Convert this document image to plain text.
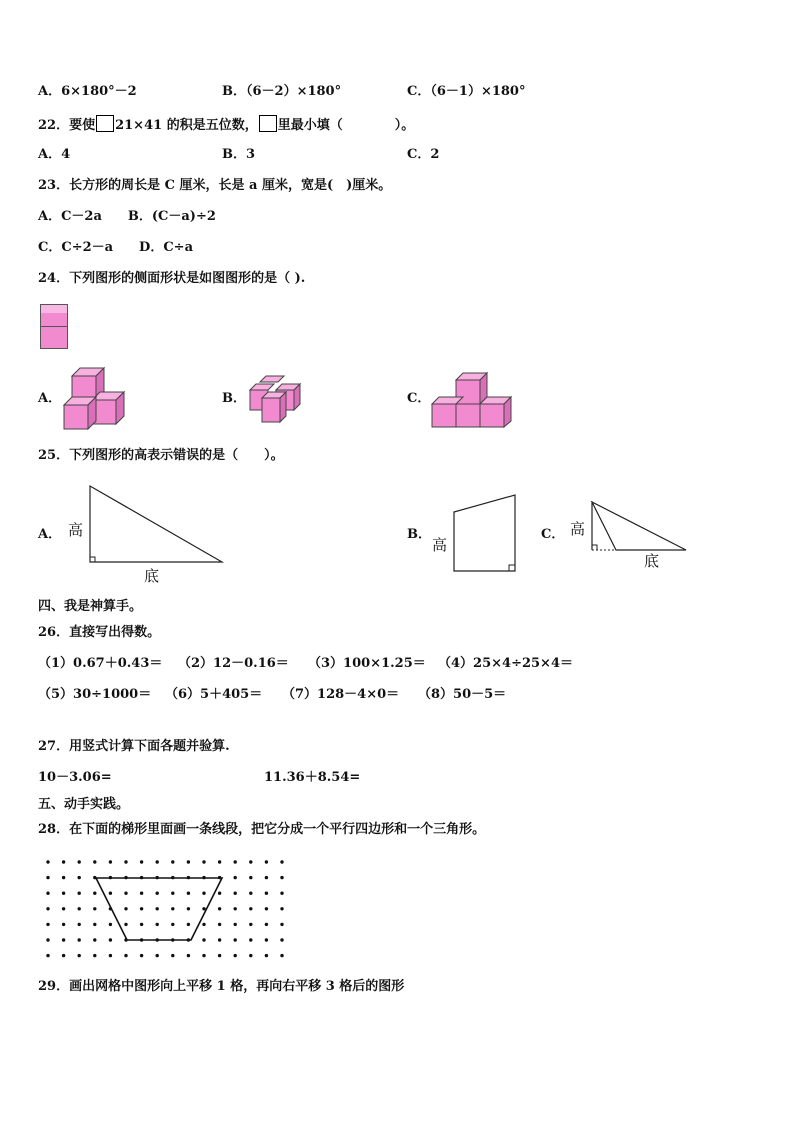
A．6×180°－2	B．（6－2）×180°	C．（6－1）×180°
22．要使 21×41 的积是五位数， 里最小填（　　　　）。
A．4	B．3	C．2
23．长方形的周长是 C 厘米，长是 a 厘米，宽是(　)厘米。
A．C－2a　　B．(C－a)÷2
C．C÷2－a　　D．C÷a
24．下列图形的侧面形状是如图图形的是（ ).
A．	B．	C．
25．下列图形的高表示错误的是（　　）。
A． 高
底
B．
高
C． 高
底
四、我是神算手。
26．直接写出得数。
（1）0.67＋0.43＝ （2）12－0.16＝ （3）100×1.25＝ （4）25×4÷25×4＝
（5）30÷1000＝ （6）5＋405＝ （7）128－4×0＝ （8）50－5＝
27．用竖式计算下面各题并验算.
10－3.06=	11.36＋8.54=
五、动手实践。
28．在下面的梯形里面画一条线段，把它分成一个平行四边形和一个三角形。
29．画出网格中图形向上平移 1 格，再向右平移 3 格后的图形
